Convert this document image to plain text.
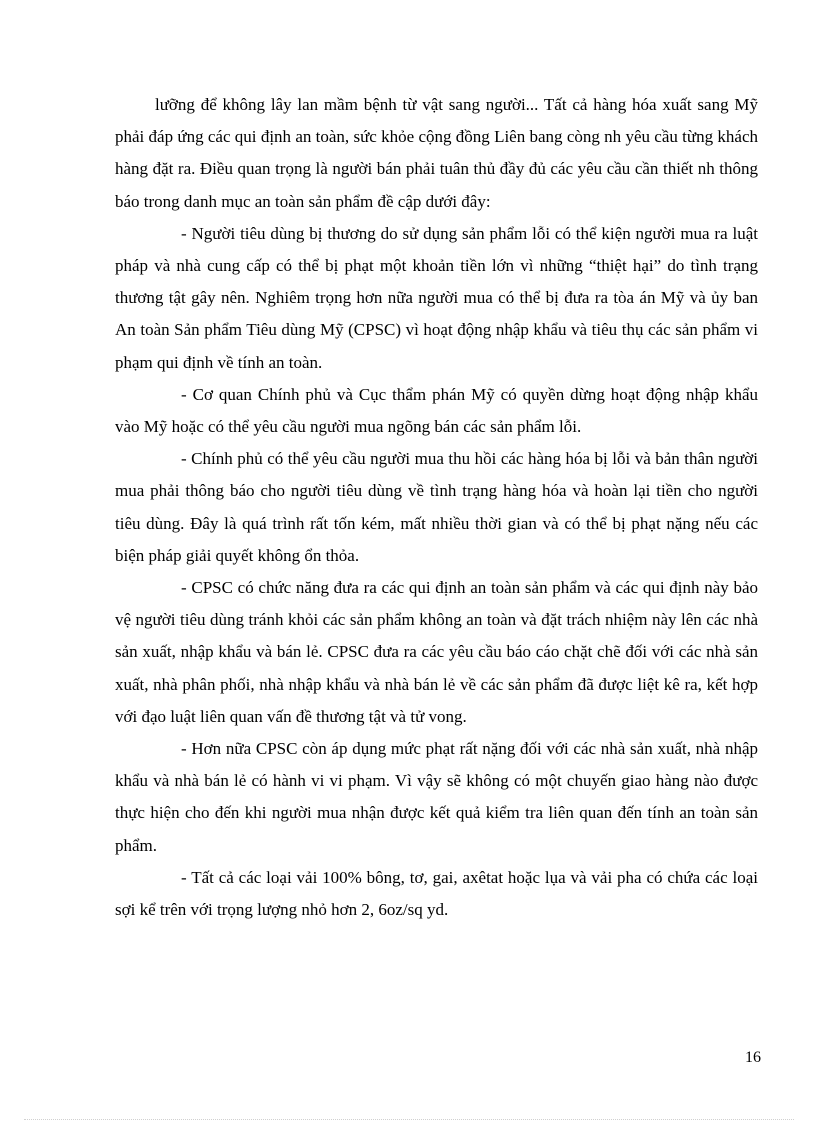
lưỡng để không lây lan mầm bệnh từ vật sang người... Tất cả hàng hóa xuất sang Mỹ phải đáp ứng các qui định an toàn, sức khỏe cộng đồng Liên bang còng nh yêu cầu từng khách hàng đặt ra. Điều quan trọng là người bán phải tuân thủ đầy đủ các yêu cầu cần thiết nh thông báo trong danh mục an toàn sản phẩm đề cập dưới đây:

- Người tiêu dùng bị thương do sử dụng sản phẩm lỗi có thể kiện người mua ra luật pháp và nhà cung cấp có thể bị phạt một khoản tiền lớn vì những “thiệt hại” do tình trạng thương tật gây nên. Nghiêm trọng hơn nữa người mua có thể bị đưa ra tòa án Mỹ và ủy ban An toàn Sản phẩm Tiêu dùng Mỹ (CPSC) vì hoạt động nhập khẩu và tiêu thụ các sản phẩm vi phạm qui định về tính an toàn.

- Cơ quan Chính phủ và Cục thẩm phán Mỹ có quyền dừng hoạt động nhập khẩu vào Mỹ hoặc có thể yêu cầu người mua ngõng bán các sản phẩm lỗi.

- Chính phủ có thể yêu cầu người mua thu hồi các hàng hóa bị lỗi và bản thân người mua phải thông báo cho người tiêu dùng về tình trạng hàng hóa và hoàn lại tiền cho người tiêu dùng. Đây là quá trình rất tốn kém, mất nhiều thời gian và có thể bị phạt nặng nếu các biện pháp giải quyết không ổn thỏa.

- CPSC có chức năng đưa ra các qui định an toàn sản phẩm và các qui định này bảo vệ người tiêu dùng tránh khỏi các sản phẩm không an toàn và đặt trách nhiệm này lên các nhà sản xuất, nhập khẩu và bán lẻ. CPSC đưa ra các yêu cầu báo cáo chặt chẽ đối với các nhà sản xuất, nhà phân phối, nhà nhập khẩu và nhà bán lẻ về các sản phẩm đã được liệt kê ra, kết hợp với đạo luật liên quan vấn đề thương tật và tử vong.

- Hơn nữa CPSC còn áp dụng mức phạt rất nặng đối với các nhà sản xuất, nhà nhập khẩu và nhà bán lẻ có hành vi vi phạm. Vì vậy sẽ không có một chuyến giao hàng nào được thực hiện cho đến khi người mua nhận được kết quả kiểm tra liên quan đến tính an toàn sản phẩm.

- Tất cả các loại vải 100% bông, tơ, gai, axêtat hoặc lụa và vải pha có chứa các loại sợi kể trên với trọng lượng nhỏ hơn 2, 6oz/sq yd.

16
